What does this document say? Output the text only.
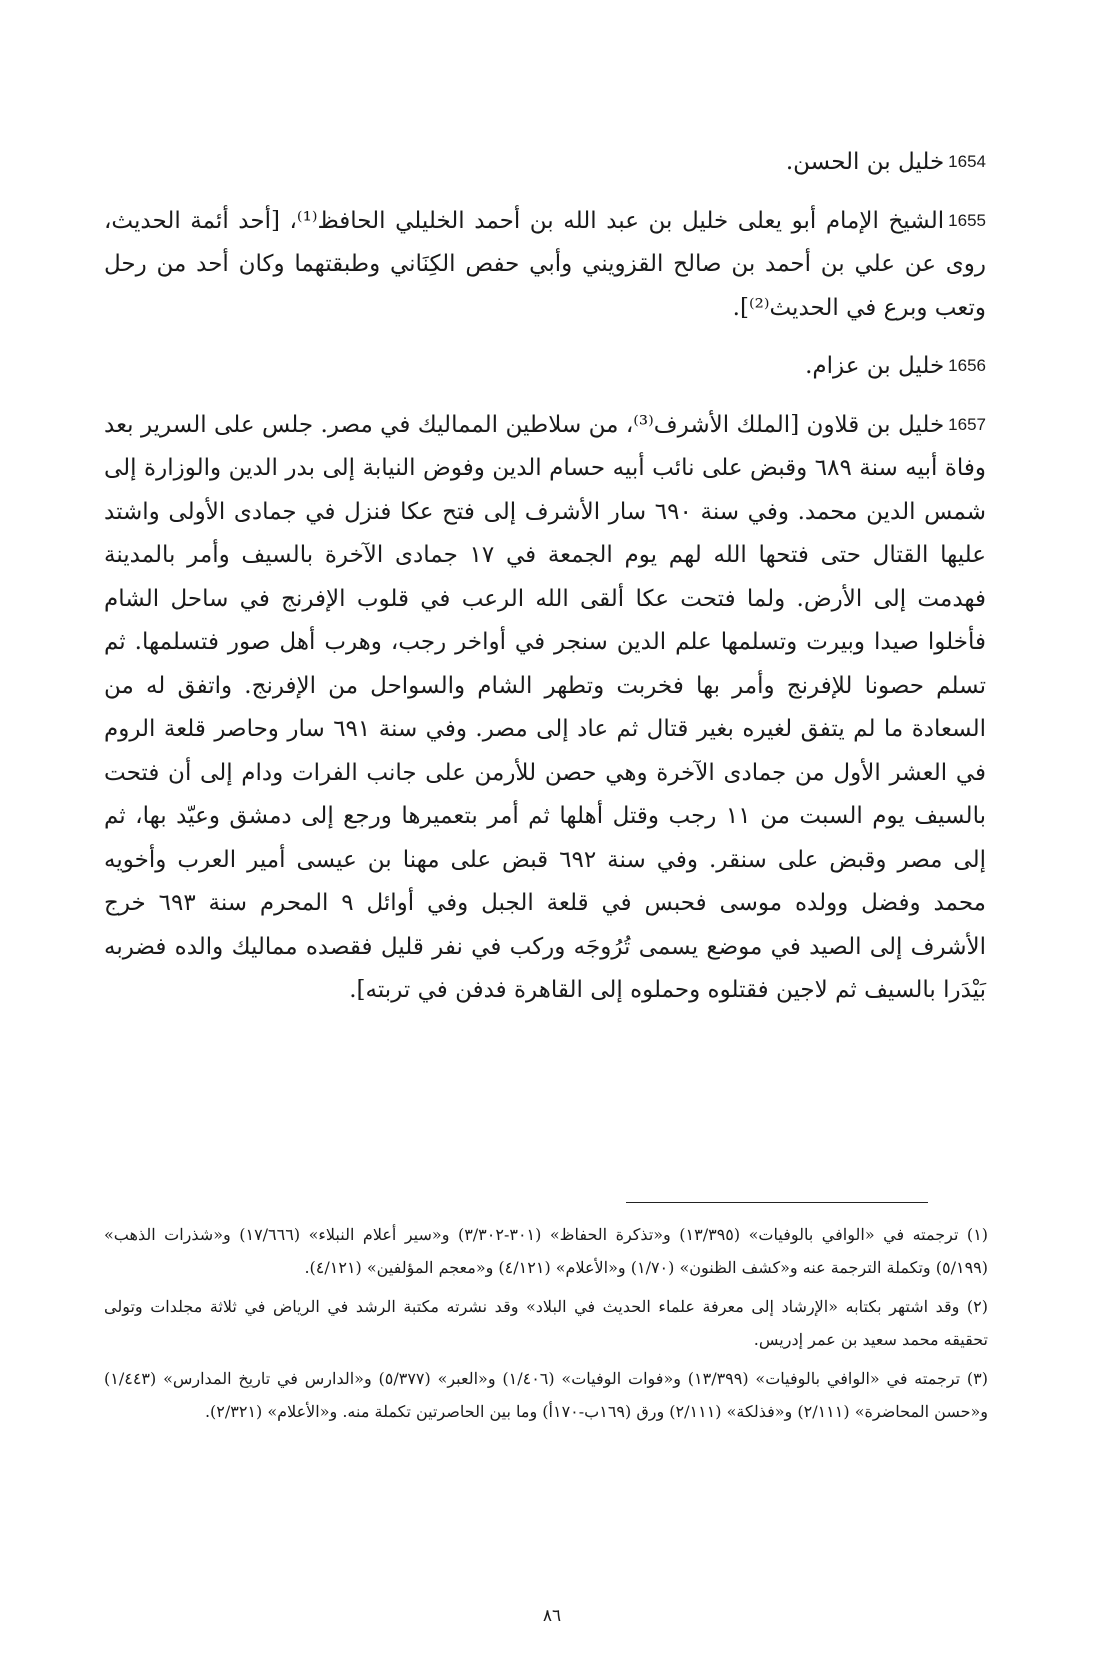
1654خليل بن الحسن.
1655الشيخ الإمام أبو يعلى خليل بن عبد الله بن أحمد الخليلي الحافظ⁽¹⁾، [أحد أئمة الحديث، روى عن علي بن أحمد بن صالح القزويني وأبي حفص الكِنَاني وطبقتهما وكان أحد من رحل وتعب وبرع في الحديث⁽²⁾].
1656خليل بن عزام.
1657خليل بن قلاون [الملك الأشرف⁽³⁾، من سلاطين المماليك في مصر. جلس على السرير بعد وفاة أبيه سنة ٦٨٩ وقبض على نائب أبيه حسام الدين وفوض النيابة إلى بدر الدين والوزارة إلى شمس الدين محمد. وفي سنة ٦٩٠ سار الأشرف إلى فتح عكا فنزل في جمادى الأولى واشتد عليها القتال حتى فتحها الله لهم يوم الجمعة في ١٧ جمادى الآخرة بالسيف وأمر بالمدينة فهدمت إلى الأرض. ولما فتحت عكا ألقى الله الرعب في قلوب الإفرنج في ساحل الشام فأخلوا صيدا وبيرت وتسلمها علم الدين سنجر في أواخر رجب، وهرب أهل صور فتسلمها. ثم تسلم حصونا للإفرنج وأمر بها فخربت وتطهر الشام والسواحل من الإفرنج. واتفق له من السعادة ما لم يتفق لغيره بغير قتال ثم عاد إلى مصر. وفي سنة ٦٩١ سار وحاصر قلعة الروم في العشر الأول من جمادى الآخرة وهي حصن للأرمن على جانب الفرات ودام إلى أن فتحت بالسيف يوم السبت من ١١ رجب وقتل أهلها ثم أمر بتعميرها ورجع إلى دمشق وعيّد بها، ثم إلى مصر وقبض على سنقر. وفي سنة ٦٩٢ قبض على مهنا بن عيسى أمير العرب وأخويه محمد وفضل وولده موسى فحبس في قلعة الجبل وفي أوائل ٩ المحرم سنة ٦٩٣ خرج الأشرف إلى الصيد في موضع يسمى تُرُوجَه وركب في نفر قليل فقصده مماليك والده فضربه بَيْدَرا بالسيف ثم لاجين فقتلوه وحملوه إلى القاهرة فدفن في تربته].

(١) ترجمته في «الوافي بالوفيات» (١٣/٣٩٥) و«تذكرة الحفاظ» (٣٠١-٣/٣٠٢) و«سير أعلام النبلاء» (١٧/٦٦٦) و«شذرات الذهب» (٥/١٩٩) وتكملة الترجمة عنه و«كشف الظنون» (١/٧٠) و«الأعلام» (٤/١٢١) و«معجم المؤلفين» (٤/١٢١).

(٢) وقد اشتهر بكتابه «الإرشاد إلى معرفة علماء الحديث في البلاد» وقد نشرته مكتبة الرشد في الرياض في ثلاثة مجلدات وتولى تحقيقه محمد سعيد بن عمر إدريس.

(٣) ترجمته في «الوافي بالوفيات» (١٣/٣٩٩) و«فوات الوفيات» (١/٤٠٦) و«العبر» (٥/٣٧٧) و«الدارس في تاريخ المدارس» (١/٤٤٣) و«حسن المحاضرة» (٢/١١١) و«فذلكة» (٢/١١١) ورق (١٦٩ب-١٧٠أ) وما بين الحاصرتين تكملة منه. و«الأعلام» (٢/٣٢١).

٨٦
